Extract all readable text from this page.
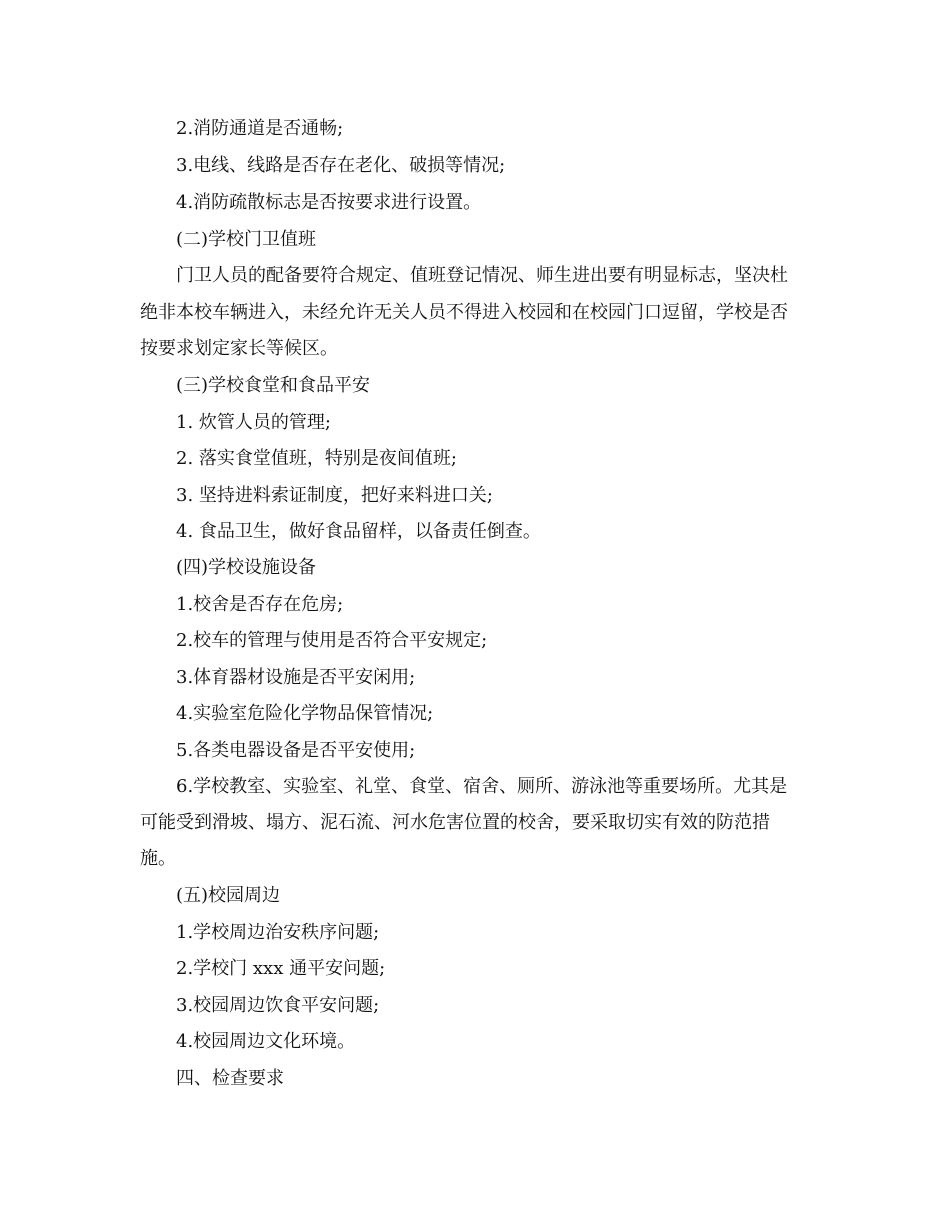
2.消防通道是否通畅;
3.电线、线路是否存在老化、破损等情况;
4.消防疏散标志是否按要求进行设置。
(二)学校门卫值班
门卫人员的配备要符合规定、值班登记情况、师生进出要有明显标志，坚决杜
绝非本校车辆进入，未经允许无关人员不得进入校园和在校园门口逗留，学校是否
按要求划定家长等候区。
(三)学校食堂和食品平安
1. 炊管人员的管理;
2. 落实食堂值班，特别是夜间值班;
3. 坚持进料索证制度，把好来料进口关;
4. 食品卫生，做好食品留样，以备责任倒查。
(四)学校设施设备
1.校舍是否存在危房;
2.校车的管理与使用是否符合平安规定;
3.体育器材设施是否平安闲用;
4.实验室危险化学物品保管情况;
5.各类电器设备是否平安使用;
6.学校教室、实验室、礼堂、食堂、宿舍、厕所、游泳池等重要场所。尤其是
可能受到滑坡、塌方、泥石流、河水危害位置的校舍，要采取切实有效的防范措
施。
(五)校园周边
1.学校周边治安秩序问题;
2.学校门 xxx 通平安问题;
3.校园周边饮食平安问题;
4.校园周边文化环境。
四、检查要求
